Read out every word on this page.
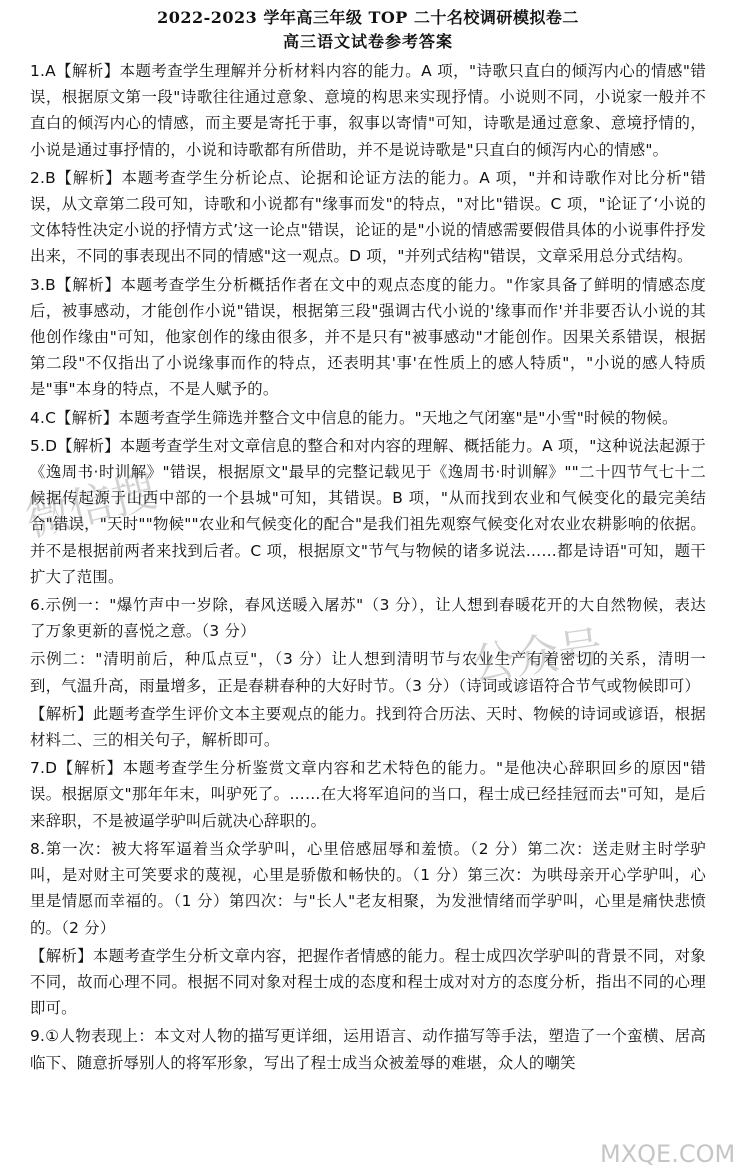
2022-2023 学年高三年级 TOP 二十名校调研模拟卷二
高三语文试卷参考答案

1.A【解析】本题考查学生理解并分析材料内容的能力。A 项，"诗歌只直白的倾泻内心的情感"错误，根据原文第一段"诗歌往往通过意象、意境的构思来实现抒情。小说则不同，小说家一般并不直白的倾泻内心的情感，而主要是寄托于事，叙事以寄情"可知，诗歌是通过意象、意境抒情的，小说是通过事抒情的，小说和诗歌都有所借助，并不是说诗歌是"只直白的倾泻内心的情感"。

2.B【解析】本题考查学生分析论点、论据和论证方法的能力。A 项，"并和诗歌作对比分析"错误，从文章第二段可知，诗歌和小说都有"缘事而发"的特点，"对比"错误。C 项，"论证了‘小说的文体特性决定小说的抒情方式’这一论点"错误，论证的是"小说的情感需要假借具体的小说事件抒发出来，不同的事表现出不同的情感"这一观点。D 项，"并列式结构"错误，文章采用总分式结构。

3.B【解析】本题考查学生分析概括作者在文中的观点态度的能力。"作家具备了鲜明的情感态度后，被事感动，才能创作小说"错误，根据第三段"强调古代小说的'缘事而作'并非要否认小说的其他创作缘由"可知，他家创作的缘由很多，并不是只有"被事感动"才能创作。因果关系错误，根据第二段"不仅指出了小说缘事而作的特点，还表明其'事'在性质上的感人特质"，"小说的感人特质是"事"本身的特点，不是人赋予的。

4.C【解析】本题考查学生筛选并整合文中信息的能力。"天地之气闭塞"是"小雪"时候的物候。

5.D【解析】本题考查学生对文章信息的整合和对内容的理解、概括能力。A 项，"这种说法起源于《逸周书·时训解》"错误，根据原文"最早的完整记载见于《逸周书·时训解》""二十四节气七十二候据传起源于山西中部的一个县城"可知，其错误。B 项，"从而找到农业和气候变化的最完美结合"错误，"天时""物候""农业和气候变化的配合"是我们祖先观察气候变化对农业农耕影响的依据。并不是根据前两者来找到后者。C 项，根据原文"节气与物候的诸多说法……都是诗语"可知，题干扩大了范围。

6.示例一："爆竹声中一岁除，春风送暖入屠苏"（3 分），让人想到春暖花开的大自然物候，表达了万象更新的喜悦之意。（3 分）

示例二："清明前后，种瓜点豆"，（3 分）让人想到清明节与农业生产有着密切的关系，清明一到，气温升高，雨量增多，正是春耕春种的大好时节。（3 分）（诗词或谚语符合节气或物候即可）

【解析】此题考查学生评价文本主要观点的能力。找到符合历法、天时、物候的诗词或谚语，根据材料二、三的相关句子，解析即可。

7.D【解析】本题考查学生分析鉴赏文章内容和艺术特色的能力。"是他决心辞职回乡的原因"错误。根据原文"那年年末，叫驴死了。……在大将军追问的当口，程士成已经挂冠而去"可知，是后来辞职，不是被逼学驴叫后就决心辞职的。

8.第一次：被大将军逼着当众学驴叫，心里倍感屈辱和羞愤。（2 分）第二次：送走财主时学驴叫，是对财主可笑要求的蔑视，心里是骄傲和畅快的。（1 分）第三次：为哄母亲开心学驴叫，心里是情愿而幸福的。（1 分）第四次：与"长人"老友相聚，为发泄情绪而学驴叫，心里是痛快悲愤的。（2 分）

【解析】本题考查学生分析文章内容，把握作者情感的能力。程士成四次学驴叫的背景不同，对象不同，故而心理不同。根据不同对象对程士成的态度和程士成对对方的态度分析，指出不同的心理即可。

9.①人物表现上：本文对人物的描写更详细，运用语言、动作描写等手法，塑造了一个蛮横、居高临下、随意折辱别人的将军形象，写出了程士成当众被羞辱的难堪，众人的嘲笑

微信搜
公众号
MXQE.COM
